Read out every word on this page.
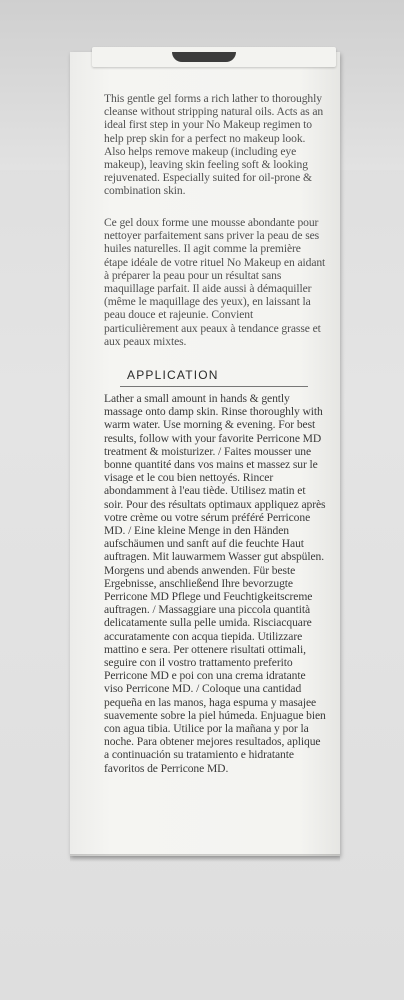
This gentle gel forms a rich lather to thoroughly cleanse without stripping natural oils. Acts as an ideal first step in your No Makeup regimen to help prep skin for a perfect no makeup look. Also helps remove makeup (including eye makeup), leaving skin feeling soft & looking rejuvenated. Especially suited for oil-prone & combination skin.

Ce gel doux forme une mousse abondante pour nettoyer parfaitement sans priver la peau de ses huiles naturelles. Il agit comme la première étape idéale de votre rituel No Makeup en aidant à préparer la peau pour un résultat sans maquillage parfait. Il aide aussi à démaquiller (même le maquillage des yeux), en laissant la peau douce et rajeunie. Convient particulièrement aux peaux à tendance grasse et aux peaux mixtes.

APPLICATION

Lather a small amount in hands & gently massage onto damp skin. Rinse thoroughly with warm water. Use morning & evening. For best results, follow with your favorite Perricone MD treatment & moisturizer. / Faites mousser une bonne quantité dans vos mains et massez sur le visage et le cou bien nettoyés. Rincer abondamment à l'eau tiède. Utilisez matin et soir. Pour des résultats optimaux appliquez après votre crème ou votre sérum préféré Perricone MD. / Eine kleine Menge in den Händen aufschäumen und sanft auf die feuchte Haut auftragen. Mit lauwarmem Wasser gut abspülen. Morgens und abends anwenden. Für beste Ergebnisse, anschließend Ihre bevorzugte Perricone MD Pflege und Feuchtigkeitscreme auftragen. / Massaggiare una piccola quantità delicatamente sulla pelle umida. Risciacquare accuratamente con acqua tiepida. Utilizzare mattino e sera. Per ottenere risultati ottimali, seguire con il vostro trattamento preferito Perricone MD e poi con una crema idratante viso Perricone MD. / Coloque una cantidad pequeña en las manos, haga espuma y masajee suavemente sobre la piel húmeda. Enjuague bien con agua tibia. Utilice por la mañana y por la noche. Para obtener mejores resultados, aplique a continuación su tratamiento e hidratante favoritos de Perricone MD.
